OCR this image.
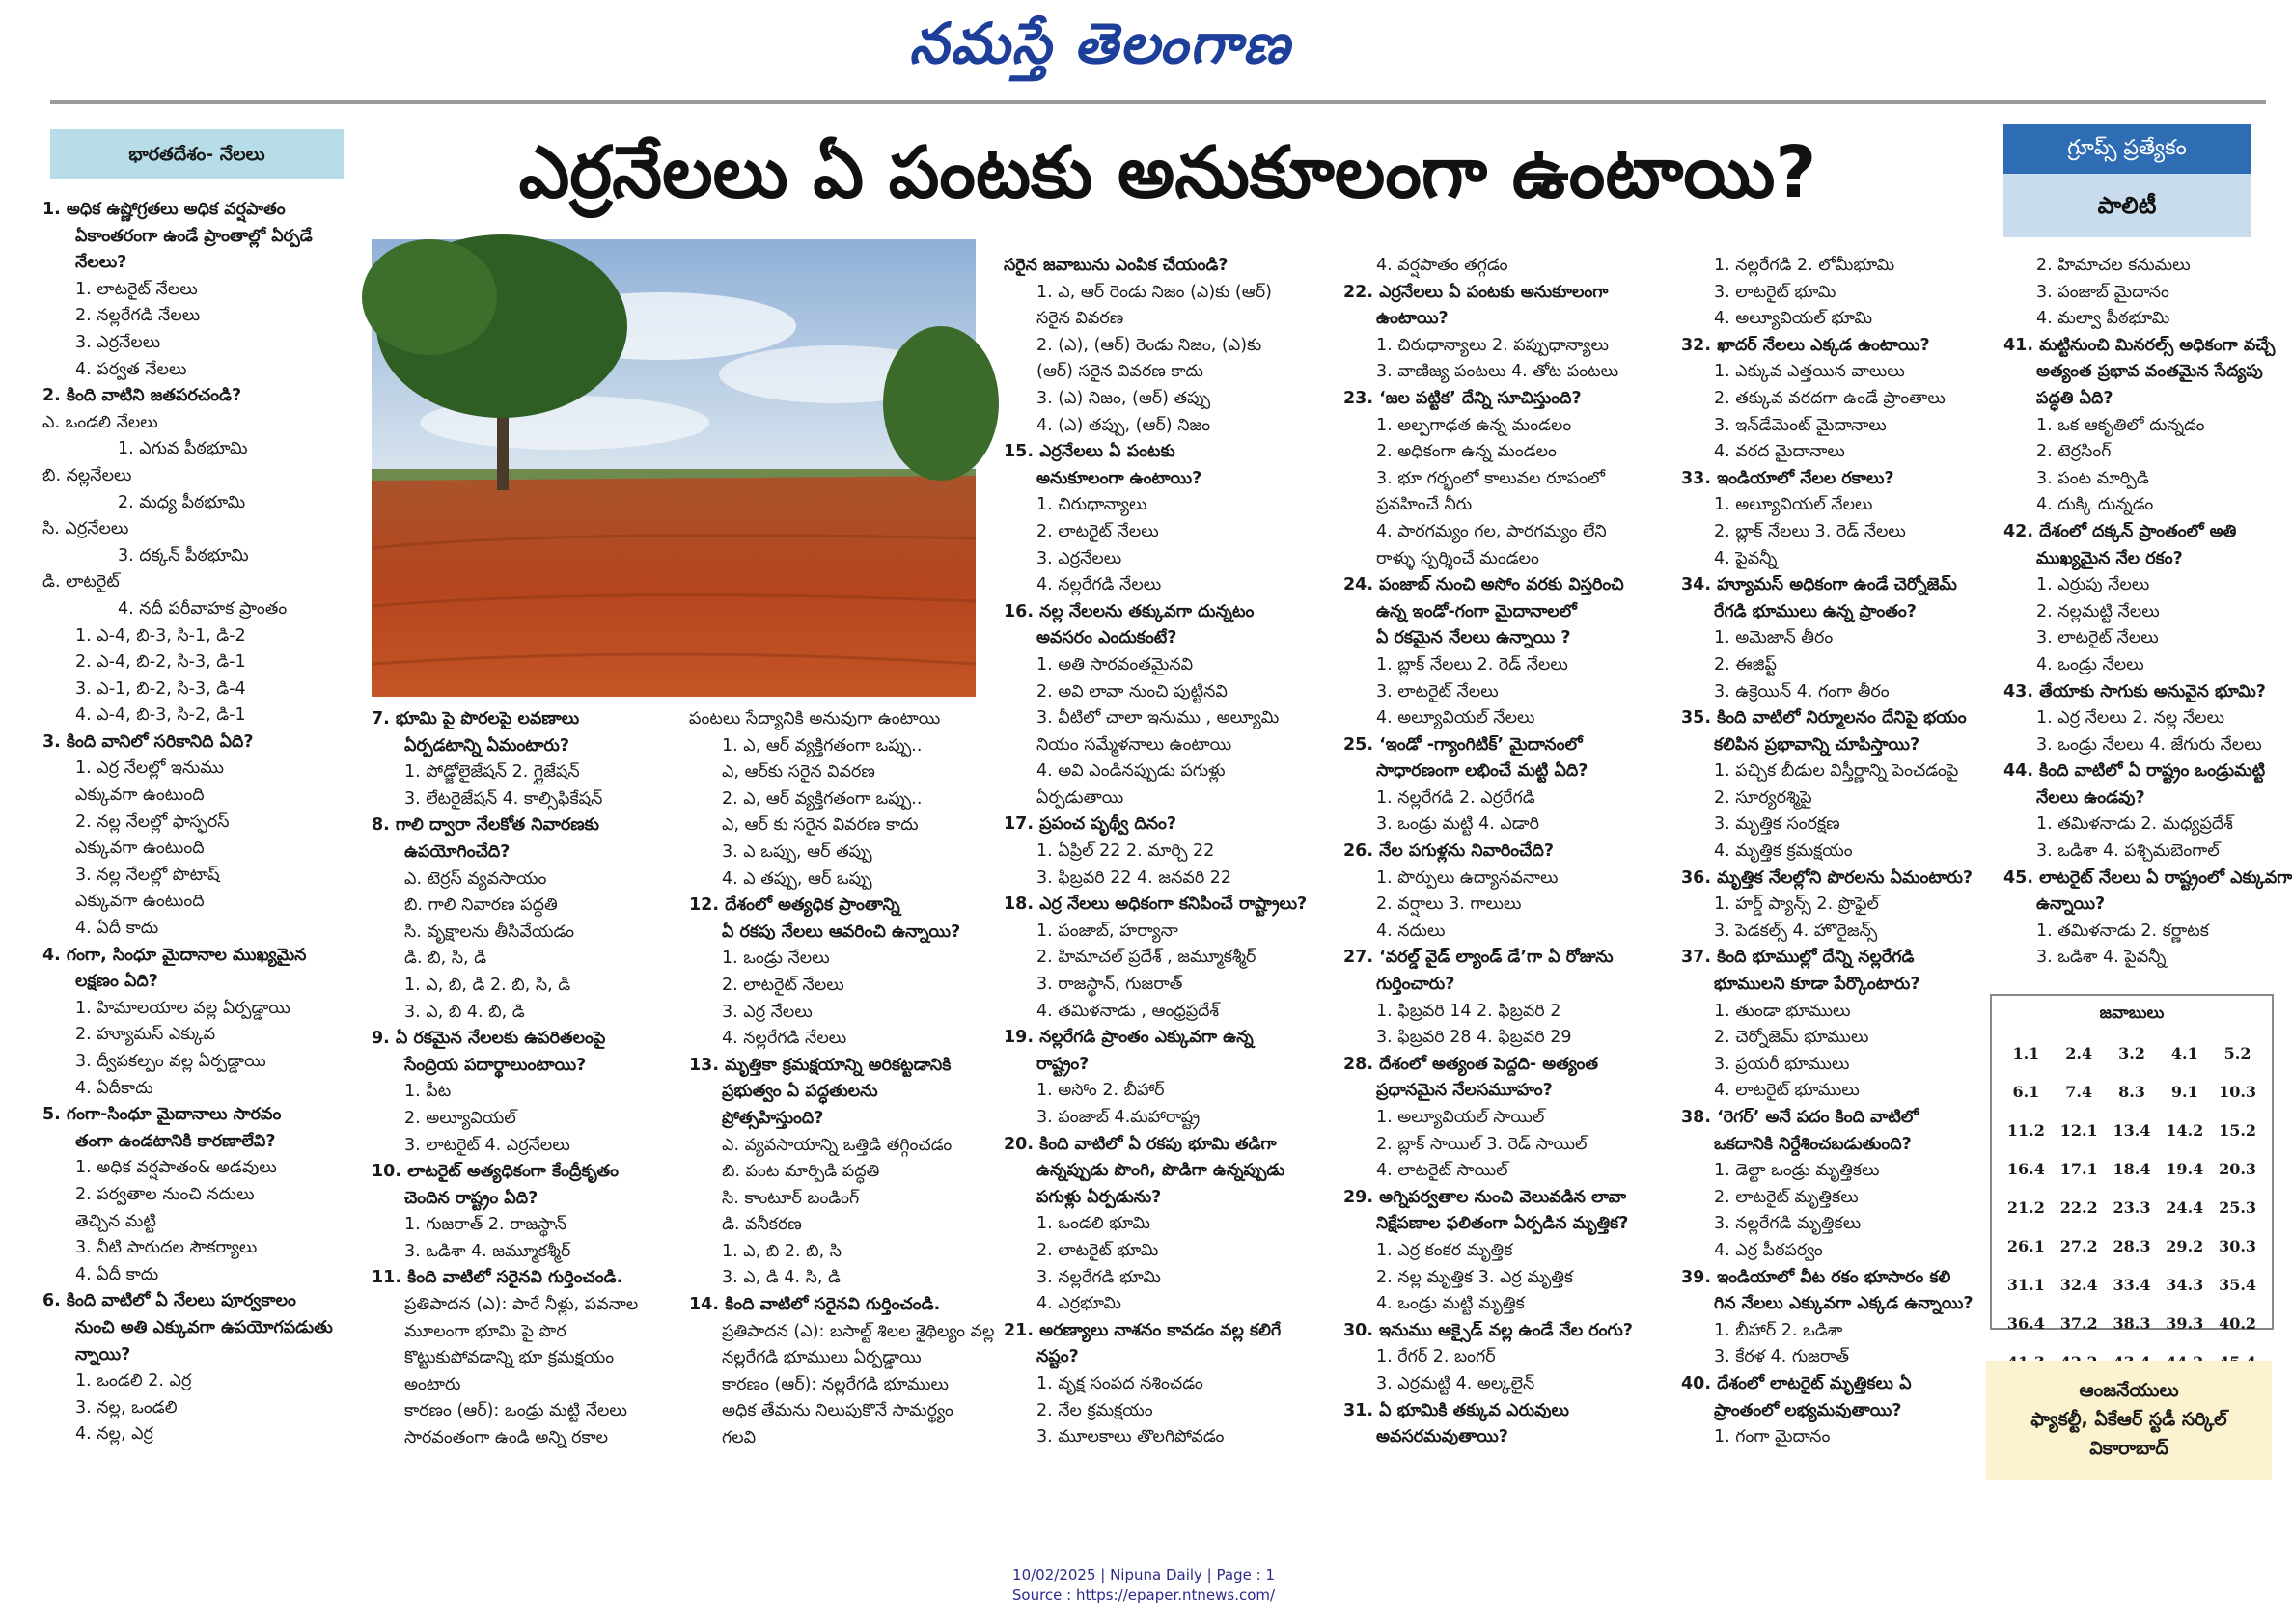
నమస్తే తెలంగాణ
భారతదేశం- నేలలు	ఎర్రనేలలు ఏ పంటకు అనుకూలంగా ఉంటాయి?	గ్రూప్స్ ప్రత్యేకం
పాలిటీ
1. అధిక ఉష్ణోగ్రతలు అధిక వర్షపాతం
ఏకాంతరంగా ఉండే ప్రాంతాల్లో ఏర్పడే
నేలలు?
1. లాటరైట్ నేలలు
2. నల్లరేగడి నేలలు
3. ఎర్రనేలలు
4. పర్వత నేలలు
2. కింది వాటిని జతపరచండి?
ఎ. ఒండలి నేలలు
1. ఎగువ పీఠభూమి
బి. నల్లనేలలు
2. మధ్య పీఠభూమి
సి. ఎర్రనేలలు
3. దక్కన్ పీఠభూమి
డి. లాటరైట్
4. నదీ పరీవాహక ప్రాంతం
1. ఎ-4, బి-3, సి-1, డి-2
2. ఎ-4, బి-2, సి-3, డి-1
3. ఎ-1, బి-2, సి-3, డి-4
4. ఎ-4, బి-3, సి-2, డి-1
3. కింది వానిలో సరికానిది ఏది?
1. ఎర్ర నేలల్లో ఇనుము
ఎక్కువగా ఉంటుంది
2. నల్ల నేలల్లో ఫాస్ఫరస్
ఎక్కువగా ఉంటుంది
3. నల్ల నేలల్లో పొటాష్
ఎక్కువగా ఉంటుంది
4. ఏదీ కాదు
4. గంగా, సింధూ మైదానాల ముఖ్యమైన
లక్షణం ఏది?
1. హిమాలయాల వల్ల ఏర్పడ్డాయి
2. హ్యూమస్ ఎక్కువ
3. ద్వీపకల్పం వల్ల ఏర్పడ్డాయి
4. ఏదీకాదు
5. గంగా-సింధూ మైదానాలు సారవం
తంగా ఉండటానికి కారణాలేవి?
1. అధిక వర్షపాతం& అడవులు
2. పర్వతాల నుంచి నదులు
తెచ్చిన మట్టి
3. నీటి పారుదల సౌకర్యాలు
4. ఏదీ కాదు
6. కింది వాటిలో ఏ నేలలు పూర్వకాలం
నుంచి అతి ఎక్కువగా ఉపయోగపడుతు
న్నాయి?
1. ఒండలి 2. ఎర్ర
3. నల్ల, ఒండలి
4. నల్ల, ఎర్ర
7. భూమి పై పొరలపై లవణాలు
ఏర్పడటాన్ని ఏమంటారు?
1. పోడ్జోలైజేషన్ 2. గ్లైజేషన్
3. లేటరైజేషన్ 4. కాల్సిఫికేషన్
8. గాలి ద్వారా నేలకోత నివారణకు
ఉపయోగించేది?
ఎ. టెర్రస్ వ్యవసాయం
బి. గాలి నివారణ పద్ధతి
సి. వృక్షాలను తీసివేయడం
డి. బి, సి, డి
1. ఎ, బి, డి 2. బి, సి, డి
3. ఎ, బి 4. బి, డి
9. ఏ రకమైన నేలలకు ఉపరితలంపై
సేంద్రియ పదార్థాలుంటాయి?
1. పీట
2. అల్యూవియల్
3. లాటరైట్ 4. ఎర్రనేలలు
10. లాటరైట్ అత్యధికంగా కేంద్రీకృతం
చెందిన రాష్ట్రం ఏది?
1. గుజరాత్ 2. రాజస్థాన్
3. ఒడిశా 4. జమ్మూకశ్మీర్
11. కింది వాటిలో సరైనవి గుర్తించండి.
ప్రతిపాదన (ఎ): పారే నీళ్లు, పవనాల
మూలంగా భూమి పై పొర
కొట్టుకుపోవడాన్ని భూ క్రమక్షయం
అంటారు
కారణం (ఆర్): ఒండ్రు మట్టి నేలలు
సారవంతంగా ఉండి అన్ని రకాల
పంటలు సేద్యానికి అనువుగా ఉంటాయి
1. ఎ, ఆర్ వ్యక్తిగతంగా ఒప్పు..
ఎ, ఆర్‌కు సరైన వివరణ
2. ఎ, ఆర్ వ్యక్తిగతంగా ఒప్పు..
ఎ, ఆర్ కు సరైన వివరణ కాదు
3. ఎ ఒప్పు, ఆర్ తప్పు
4. ఎ తప్పు, ఆర్ ఒప్పు
12. దేశంలో అత్యధిక ప్రాంతాన్ని
ఏ రకపు నేలలు ఆవరించి ఉన్నాయి?
1. ఒండ్రు నేలలు
2. లాటరైట్ నేలలు
3. ఎర్ర నేలలు
4. నల్లరేగడి నేలలు
13. మృత్తికా క్రమక్షయాన్ని అరికట్టడానికి
ప్రభుత్వం ఏ పద్ధతులను
ప్రోత్సహిస్తుంది?
ఎ. వ్యవసాయాన్ని ఒత్తిడి తగ్గించడం
బి. పంట మార్పిడి పద్ధతి
సి. కాంటూర్ బండింగ్
డి. వనీకరణ
1. ఎ, బి 2. బి, సి
3. ఎ, డి 4. సి, డి
14. కింది వాటిలో సరైనవి గుర్తించండి.
ప్రతిపాదన (ఎ): బసాల్ట్ శిలల శైథిల్యం వల్ల
నల్లరేగడి భూములు ఏర్పడ్డాయి
కారణం (ఆర్): నల్లరేగడి భూములు
అధిక తేమను నిలుపుకొనే సామర్థ్యం
గలవి
సరైన జవాబును ఎంపిక చేయండి?
1. ఎ, ఆర్ రెండు నిజం (ఎ)కు (ఆర్)
సరైన వివరణ
2. (ఎ), (ఆర్) రెండు నిజం, (ఎ)కు
(ఆర్) సరైన వివరణ కాదు
3. (ఎ) నిజం, (ఆర్) తప్పు
4. (ఎ) తప్పు, (ఆర్) నిజం
15. ఎర్రనేలలు ఏ పంటకు
అనుకూలంగా ఉంటాయి?
1. చిరుధాన్యాలు
2. లాటరైట్ నేలలు
3. ఎర్రనేలలు
4. నల్లరేగడి నేలలు
16. నల్ల నేలలను తక్కువగా దున్నటం
అవసరం ఎందుకంటే?
1. అతి సారవంతమైనవి
2. అవి లావా నుంచి పుట్టినవి
3. వీటిలో చాలా ఇనుము , అల్యూమి
నియం సమ్మేళనాలు ఉంటాయి
4. అవి ఎండినప్పుడు పగుళ్లు
ఏర్పడుతాయి
17. ప్రపంచ పృథ్వీ దినం?
1. ఏప్రిల్ 22 2. మార్చి 22
3. ఫిబ్రవరి 22 4. జనవరి 22
18. ఎర్ర నేలలు అధికంగా కనిపించే రాష్ట్రాలు?
1. పంజాబ్, హర్యానా
2. హిమాచల్ ప్రదేశ్ , జమ్మూకశ్మీర్
3. రాజస్థాన్, గుజరాత్
4. తమిళనాడు , ఆంధ్రప్రదేశ్
19. నల్లరేగడి ప్రాంతం ఎక్కువగా ఉన్న
రాష్ట్రం?
1. అసోం 2. బీహార్
3. పంజాబ్ 4.మహారాష్ట్ర
20. కింది వాటిలో ఏ రకపు భూమి తడిగా
ఉన్నప్పుడు పొంగి, పొడిగా ఉన్నప్పుడు
పగుళ్లు ఏర్పడును?
1. ఒండలి భూమి
2. లాటరైట్ భూమి
3. నల్లరేగడి భూమి
4. ఎర్రభూమి
21. అరణ్యాలు నాశనం కావడం వల్ల కలిగే
నష్టం?
1. వృక్ష సంపద నశించడం
2. నేల క్రమక్షయం
3. మూలకాలు తొలగిపోవడం
4. వర్షపాతం తగ్గడం
22. ఎర్రనేలలు ఏ పంటకు అనుకూలంగా
ఉంటాయి?
1. చిరుధాన్యాలు 2. పప్పుధాన్యాలు
3. వాణిజ్య పంటలు 4. తోట పంటలు
23. ‘జల పట్టిక’ దేన్ని సూచిస్తుంది?
1. అల్పగాఢత ఉన్న మండలం
2. అధికంగా ఉన్న మండలం
3. భూ గర్భంలో కాలువల రూపంలో
ప్రవహించే నీరు
4. పారగమ్యం గల, పారగమ్యం లేని
రాళ్ళు స్పర్శించే మండలం
24. పంజాబ్ నుంచి అసోం వరకు విస్తరించి
ఉన్న ఇండో-గంగా మైదానాలలో
ఏ రకమైన నేలలు ఉన్నాయి ?
1. బ్లాక్ నేలలు 2. రెడ్ నేలలు
3. లాటరైట్ నేలలు
4. అల్యూవియల్ నేలలు
25. ‘ఇండో -గ్యాంగిటిక్’ మైదానంలో
సాధారణంగా లభించే మట్టి ఏది?
1. నల్లరేగడి 2. ఎర్రరేగడి
3. ఒండ్రు మట్టి 4. ఎడారి
26. నేల పగుళ్లను నివారించేది?
1. పొర్పులు ఉద్యానవనాలు
2. వర్షాలు 3. గాలులు
4. నదులు
27. ‘వరల్డ్ వైడ్ ల్యాండ్ డే’గా ఏ రోజును
గుర్తించారు?
1. ఫిబ్రవరి 14 2. ఫిబ్రవరి 2
3. ఫిబ్రవరి 28 4. ఫిబ్రవరి 29
28. దేశంలో అత్యంత పెద్దది- అత్యంత
ప్రధానమైన నేలసమూహం?
1. అల్యూవియల్ సాయిల్
2. బ్లాక్ సాయిల్ 3. రెడ్ సాయిల్
4. లాటరైట్ సాయిల్
29. అగ్నిపర్వతాల నుంచి వెలువడిన లావా
నిక్షేపణాల ఫలితంగా ఏర్పడిన మృత్తిక?
1. ఎర్ర కంకర మృత్తిక
2. నల్ల మృత్తిక 3. ఎర్ర మృత్తిక
4. ఒండ్రు మట్టి మృత్తిక
30. ఇనుము ఆక్సైడ్ వల్ల ఉండే నేల రంగు?
1. రేగర్ 2. బంగర్
3. ఎర్రమట్టి 4. అల్కలైన్
31. ఏ భూమికి తక్కువ ఎరువులు
అవసరమవుతాయి?
1. నల్లరేగడి 2. లోమీభూమి
3. లాటరైట్ భూమి
4. అల్యూవియల్ భూమి
32. ఖాదర్ నేలలు ఎక్కడ ఉంటాయి?
1. ఎక్కువ ఎత్తయిన వాలులు
2. తక్కువ వరదగా ఉండే ప్రాంతాలు
3. ఇన్‌డేమెంట్ మైదానాలు
4. వరద మైదానాలు
33. ఇండియాలో నేలల రకాలు?
1. అల్యూవియల్ నేలలు
2. బ్లాక్ నేలలు 3. రెడ్ నేలలు
4. పైవన్నీ
34. హ్యూమస్ అధికంగా ఉండే చెర్నోజెమ్
రేగడి భూములు ఉన్న ప్రాంతం?
1. అమెజాన్ తీరం
2. ఈజిప్ట్
3. ఉక్రెయిన్ 4. గంగా తీరం
35. కింది వాటిలో నిర్మూలనం దేనిపై భయం
కలిపిన ప్రభావాన్ని చూపిస్తాయి?
1. పచ్చిక బీడుల విస్తీర్ణాన్ని పెంచడంపై
2. సూర్యరశ్మిపై
3. మృత్తిక సంరక్షణ
4. మృత్తిక క్రమక్షయం
36. మృత్తిక నేలల్లోని పొరలను ఏమంటారు?
1. హర్డ్ ప్యాన్స్ 2. ప్రొఫైల్
3. పెడకల్స్ 4. హొరైజన్స్
37. కింది భూముల్లో దేన్ని నల్లరేగడి
భూములని కూడా పేర్కొంటారు?
1. తుండా భూములు
2. చెర్నోజెమ్ భూములు
3. ప్రయరీ భూములు
4. లాటరైట్ భూములు
38. ‘రెగర్’ అనే పదం కింది వాటిలో
ఒకదానికి నిర్దేశించబడుతుంది?
1. డెల్టా ఒండ్రు మృత్తికలు
2. లాటరైట్ మృత్తికలు
3. నల్లరేగడి మృత్తికలు
4. ఎర్ర పీఠపర్వం
39. ఇండియాలో వీట రకం భూసారం కలి
గిన నేలలు ఎక్కువగా ఎక్కడ ఉన్నాయి?
1. బీహార్ 2. ఒడిశా
3. కేరళ 4. గుజరాత్
40. దేశంలో లాటరైట్ మృత్తికలు ఏ
ప్రాంతంలో లభ్యమవుతాయి?
1. గంగా మైదానం
2. హిమాచల కనుమలు
3. పంజాబ్ మైదానం
4. మల్వా పీఠభూమి
41. మట్టినుంచి మినరల్స్ అధికంగా వచ్చే
అత్యంత ప్రభావ వంతమైన సేద్యపు
పద్ధతి ఏది?
1. ఒక ఆకృతిలో దున్నడం
2. టెర్రసింగ్
3. పంట మార్పిడి
4. దుక్కి దున్నడం
42. దేశంలో దక్కన్ ప్రాంతంలో అతి
ముఖ్యమైన నేల రకం?
1. ఎర్రుపు నేలలు
2. నల్లమట్టి నేలలు
3. లాటరైట్ నేలలు
4. ఒండ్రు నేలలు
43. తేయాకు సాగుకు అనువైన భూమి?
1. ఎర్ర నేలలు 2. నల్ల నేలలు
3. ఒండ్రు నేలలు 4. జేగురు నేలలు
44. కింది వాటిలో ఏ రాష్ట్రం ఒండ్రుమట్టి
నేలలు ఉండవు?
1. తమిళనాడు 2. మధ్యప్రదేశ్
3. ఒడిశా 4. పశ్చిమబెంగాల్
45. లాటరైట్ నేలలు ఏ రాష్ట్రంలో ఎక్కువగా
ఉన్నాయి?
1. తమిళనాడు 2. కర్ణాటక
3. ఒడిశా 4. పైవన్నీ
జవాబులు
1.1	2.4	3.2	4.1	5.2
6.1	7.4	8.3	9.1	10.3
11.2 12.1 13.4 14.2 15.2
16.4 17.1 18.4 19.4 20.3
21.2 22.2 23.3 24.4 25.3
26.1 27.2 28.3 29.2 30.3
31.1 32.4 33.4 34.3 35.4
36.4 37.2 38.3 39.3 40.2
ఆంజనేయులు
ఫ్యాకల్టీ, ఏకేఆర్ స్టడీ సర్కిల్
వికారాబాద్
10/02/2025 | Nipuna Daily | Page : 1
Source : https://epaper.ntnews.com/
